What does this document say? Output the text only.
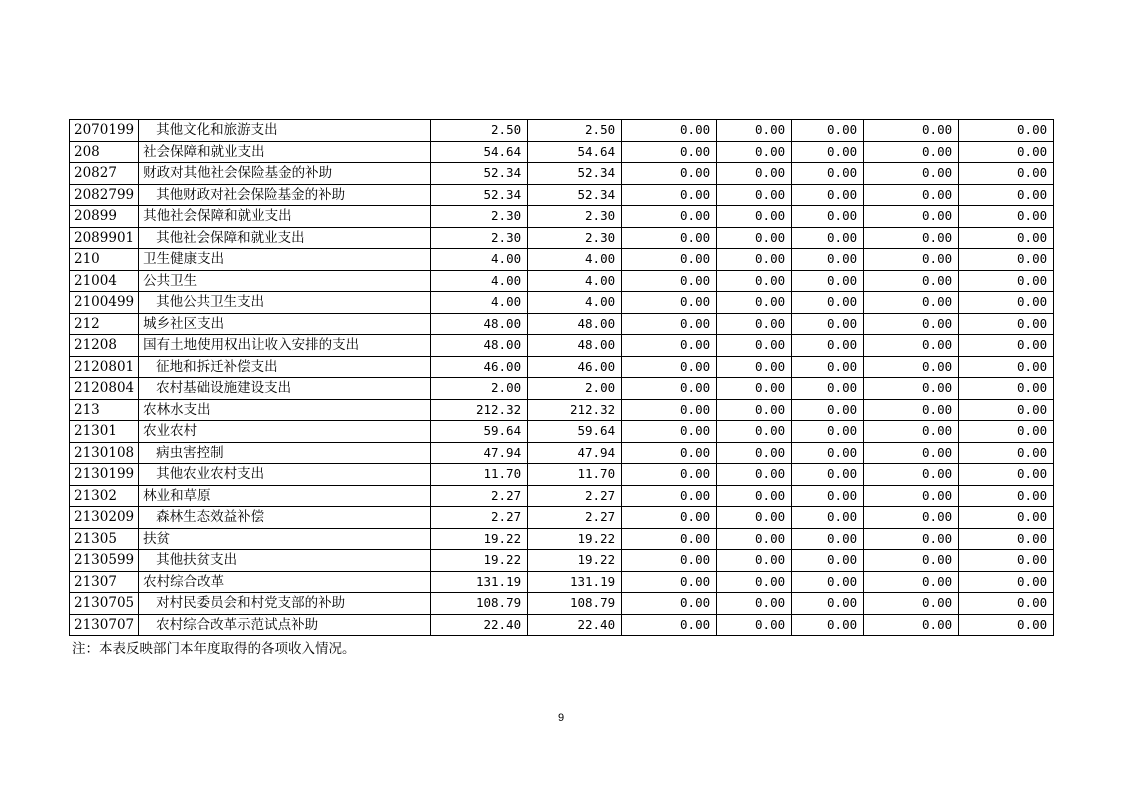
2070199	其他文化和旅游支出	2.50	2.50	0.00	0.00	0.00	0.00	0.00
208	社会保障和就业支出	54.64	54.64	0.00	0.00	0.00	0.00	0.00
20827	财政对其他社会保险基金的补助	52.34	52.34	0.00	0.00	0.00	0.00	0.00
2082799	其他财政对社会保险基金的补助	52.34	52.34	0.00	0.00	0.00	0.00	0.00
20899	其他社会保障和就业支出	2.30	2.30	0.00	0.00	0.00	0.00	0.00
2089901	其他社会保障和就业支出	2.30	2.30	0.00	0.00	0.00	0.00	0.00
210	卫生健康支出	4.00	4.00	0.00	0.00	0.00	0.00	0.00
21004	公共卫生	4.00	4.00	0.00	0.00	0.00	0.00	0.00
2100499	其他公共卫生支出	4.00	4.00	0.00	0.00	0.00	0.00	0.00
212	城乡社区支出	48.00	48.00	0.00	0.00	0.00	0.00	0.00
21208	国有土地使用权出让收入安排的支出	48.00	48.00	0.00	0.00	0.00	0.00	0.00
2120801	征地和拆迁补偿支出	46.00	46.00	0.00	0.00	0.00	0.00	0.00
2120804	农村基础设施建设支出	2.00	2.00	0.00	0.00	0.00	0.00	0.00
213	农林水支出	212.32	212.32	0.00	0.00	0.00	0.00	0.00
21301	农业农村	59.64	59.64	0.00	0.00	0.00	0.00	0.00
2130108	病虫害控制	47.94	47.94	0.00	0.00	0.00	0.00	0.00
2130199	其他农业农村支出	11.70	11.70	0.00	0.00	0.00	0.00	0.00
21302	林业和草原	2.27	2.27	0.00	0.00	0.00	0.00	0.00
2130209	森林生态效益补偿	2.27	2.27	0.00	0.00	0.00	0.00	0.00
21305	扶贫	19.22	19.22	0.00	0.00	0.00	0.00	0.00
2130599	其他扶贫支出	19.22	19.22	0.00	0.00	0.00	0.00	0.00
21307	农村综合改革	131.19	131.19	0.00	0.00	0.00	0.00	0.00
2130705	对村民委员会和村党支部的补助	108.79	108.79	0.00	0.00	0.00	0.00	0.00
2130707	农村综合改革示范试点补助	22.40	22.40	0.00	0.00	0.00	0.00	0.00
注：本表反映部门本年度取得的各项收入情况。
9
